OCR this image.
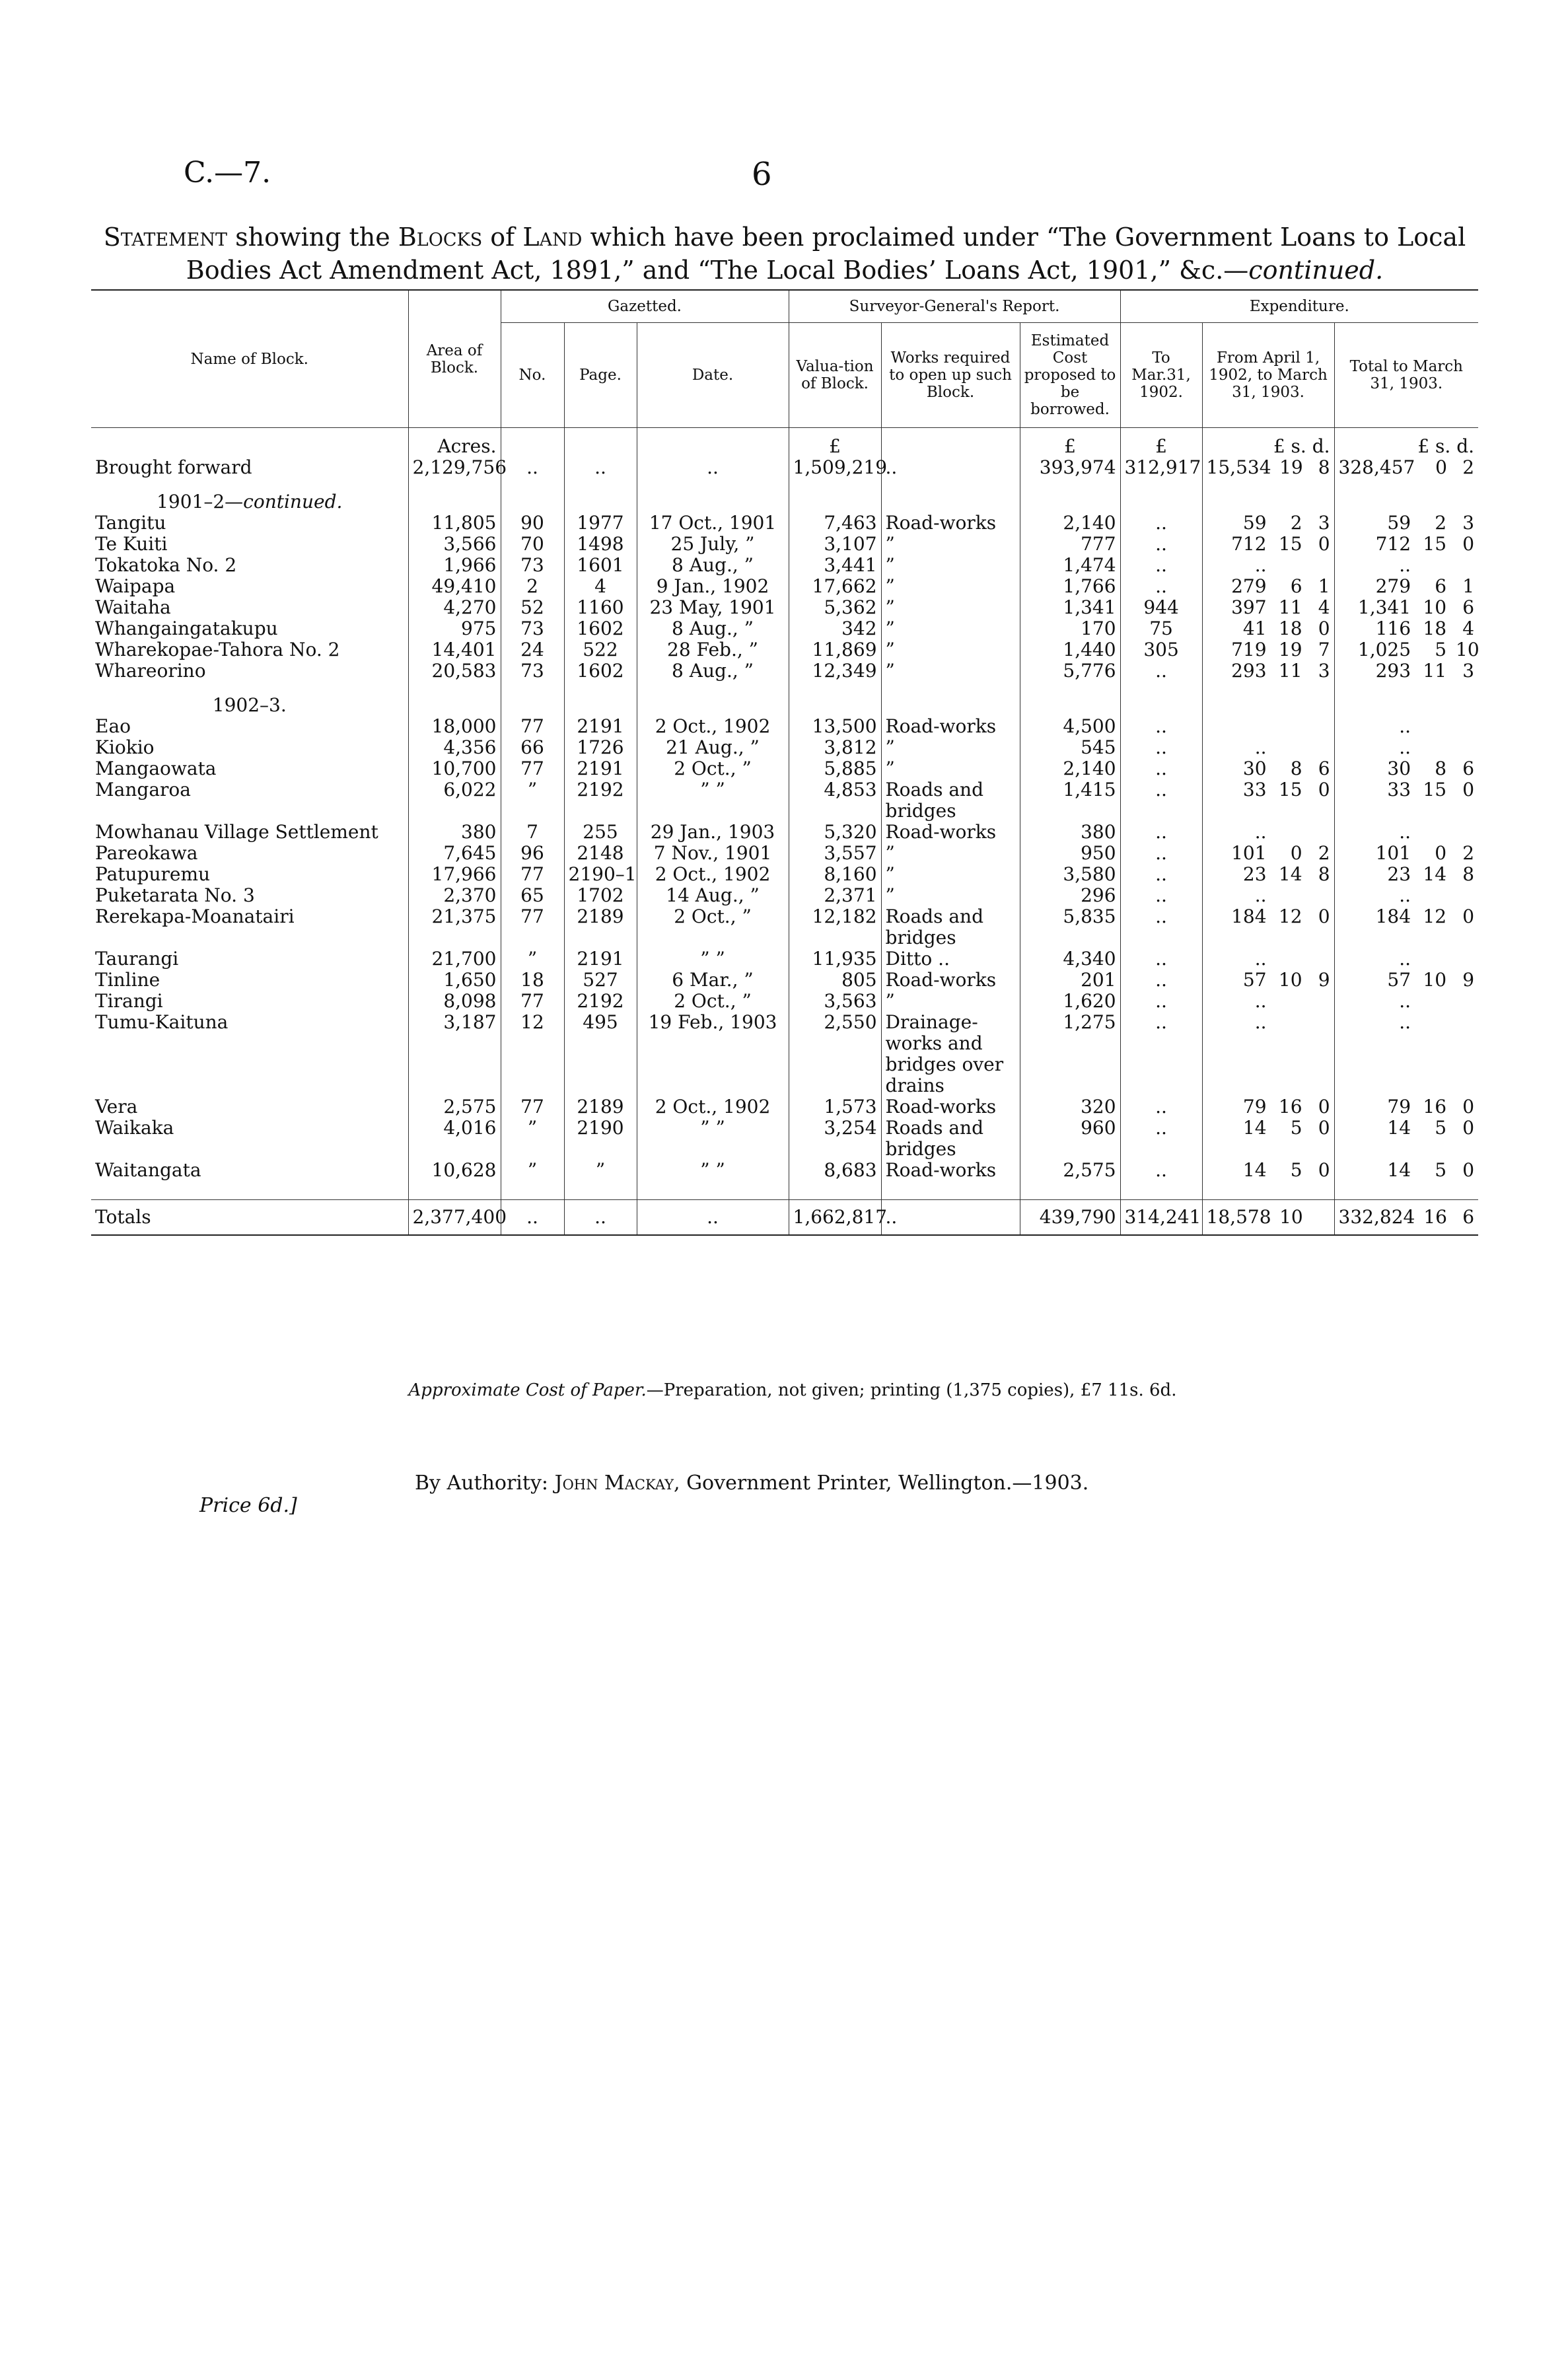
C.—7.	6
Statement showing the Blocks of Land which have been proclaimed under “The Government Loans to Local Bodies Act Amendment Act, 1891,” and “The Local Bodies’ Loans Act, 1901,” &c.—continued.
Name of Block.	Area of Block.	Gazetted.			Surveyor-General's Report.			Expenditure.		
		No.	Page.	Date.	Valua-tion of Block.	Works required to open up such Block.	Estimated Cost proposed to be borrowed.	To Mar.31, 1902.	From April 1, 1902, to March 31, 1903.	Total to March 31, 1903.
	Acres.				£		£	£	£ s. d.	£ s. d.
Brought forward	2,129,756	..	..	..	1,509,219	..	393,974	312,917	15,534 19 8	328,457 0 2

1901–2—continued.										
Tangitu	11,805	90	1977	17 Oct., 1901	7,463	Road-works	2,140	..	59 2 3	59 2 3

Te Kuiti	3,566	70	1498	25 July, ”	3,107	”	777	..	712 15 0	712 15 0

Tokatoka No. 2	1,966	73	1601	8 Aug., ”	3,441	”	1,474	..	..	..

Waipapa	49,410	2	4	9 Jan., 1902	17,662	”	1,766	..	279 6 1	279 6 1

Waitaha	4,270	52	1160	23 May, 1901	5,362	”	1,341	944	397 11 4	1,341 10 6

Whangaingatakupu	975	73	1602	8 Aug., ”	342	”	170	75	41 18 0	116 18 4

Wharekopae-Tahora No. 2	14,401	24	522	28 Feb., ”	11,869	”	1,440	305	719 19 7	1,025 5 10

Whareorino	20,583	73	1602	8 Aug., ”	12,349	”	5,776	..	293 11 3	293 11 3

1902–3.										
Eao	18,000	77	2191	2 Oct., 1902	13,500	Road-works	4,500	..		..

Kiokio	4,356	66	1726	21 Aug., ”	3,812	”	545	..	..	..

Mangaowata	10,700	77	2191	2 Oct., ”	5,885	”	2,140	..	30 8 6	30 8 6

Mangaroa	6,022	”	2192	” ”	4,853	Roads and bridges	1,415	..	33 15 0	33 15 0

Mowhanau Village Settlement	380	7	255	29 Jan., 1903	5,320	Road-works	380	..	..	..

Pareokawa	7,645	96	2148	7 Nov., 1901	3,557	”	950	..	101 0 2	101 0 2

Patupuremu	17,966	77	2190–1	2 Oct., 1902	8,160	”	3,580	..	23 14 8	23 14 8

Puketarata No. 3	2,370	65	1702	14 Aug., ”	2,371	”	296	..	..	..

Rerekapa-Moanatairi	21,375	77	2189	2 Oct., ”	12,182	Roads and bridges	5,835	..	184 12 0	184 12 0

Taurangi	21,700	”	2191	” ”	11,935	Ditto ..	4,340	..	..	..

Tinline	1,650	18	527	6 Mar., ”	805	Road-works	201	..	57 10 9	57 10 9

Tirangi	8,098	77	2192	2 Oct., ”	3,563	”	1,620	..	..	..

Tumu-Kaituna	3,187	12	495	19 Feb., 1903	2,550	Drainage-works and bridges over drains	1,275	..	..	..

Vera	2,575	77	2189	2 Oct., 1902	1,573	Road-works	320	..	79 16 0	79 16 0

Waikaka	4,016	”	2190	” ”	3,254	Roads and bridges	960	..	14 5 0	14 5 0

Waitangata	10,628	”	”	” ”	8,683	Road-works	2,575	..	14 5 0	14 5 0

Totals	2,377,400	..	..	..	1,662,817	..	439,790	314,241	18,578 10	332,824 16 6
Approximate Cost of Paper.—Preparation, not given; printing (1,375 copies), £7 11s. 6d.
Price 6d.]
By Authority: John Mackay, Government Printer, Wellington.—1903.
